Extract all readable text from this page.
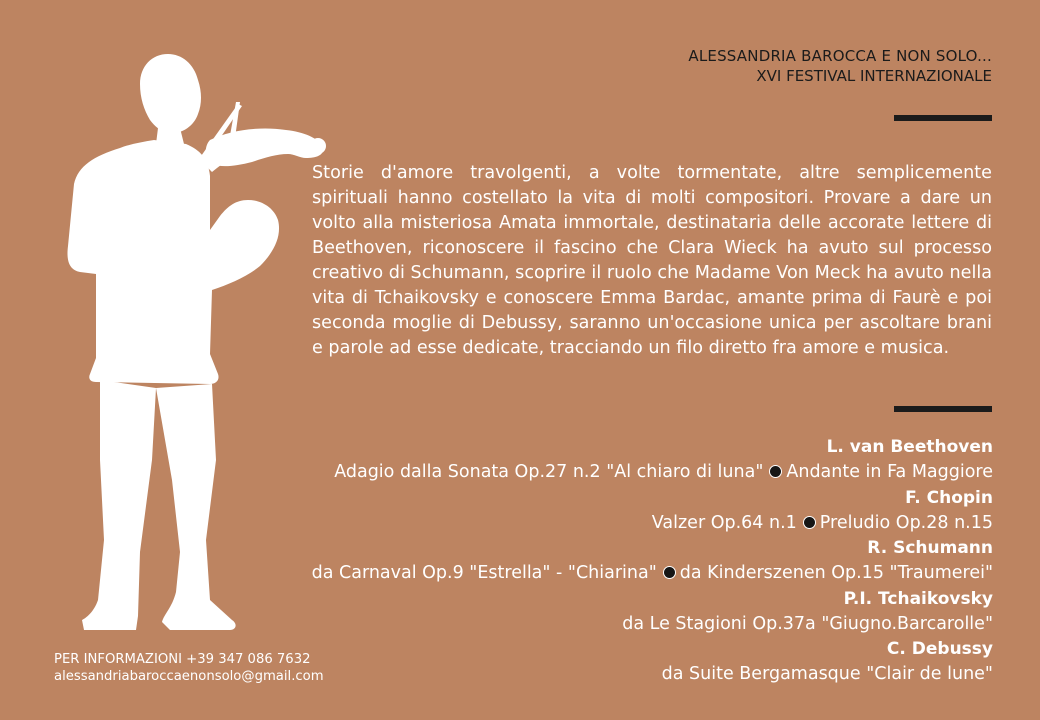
ALESSANDRIA BAROCCA E NON SOLO...
XVI FESTIVAL INTERNAZIONALE
Storie d'amore travolgenti, a volte tormentate, altre semplicemente spirituali hanno costellato la vita di molti compositori. Provare a dare un volto alla misteriosa Amata immortale, destinataria delle accorate lettere di Beethoven, riconoscere il fascino che Clara Wieck ha avuto sul processo creativo di Schumann, scoprire il ruolo che Madame Von Meck ha avuto nella vita di Tchaikovsky e conoscere Emma Bardac, amante prima di Faurè e poi seconda moglie di Debussy, saranno un'occasione unica per ascoltare brani e parole ad esse dedicate, tracciando un filo diretto fra amore e musica.
L. van Beethoven
Adagio dalla Sonata Op.27 n.2 "Al chiaro di luna" Andante in Fa Maggiore
F. Chopin
Valzer Op.64 n.1 Preludio Op.28 n.15
R. Schumann
da Carnaval Op.9 "Estrella" - "Chiarina" da Kinderszenen Op.15 "Traumerei"
P.I. Tchaikovsky
da Le Stagioni Op.37a "Giugno.Barcarolle"
C. Debussy
da Suite Bergamasque "Clair de lune"
PER INFORMAZIONI +39 347 086 7632
alessandriabaroccaenonsolo@gmail.com
